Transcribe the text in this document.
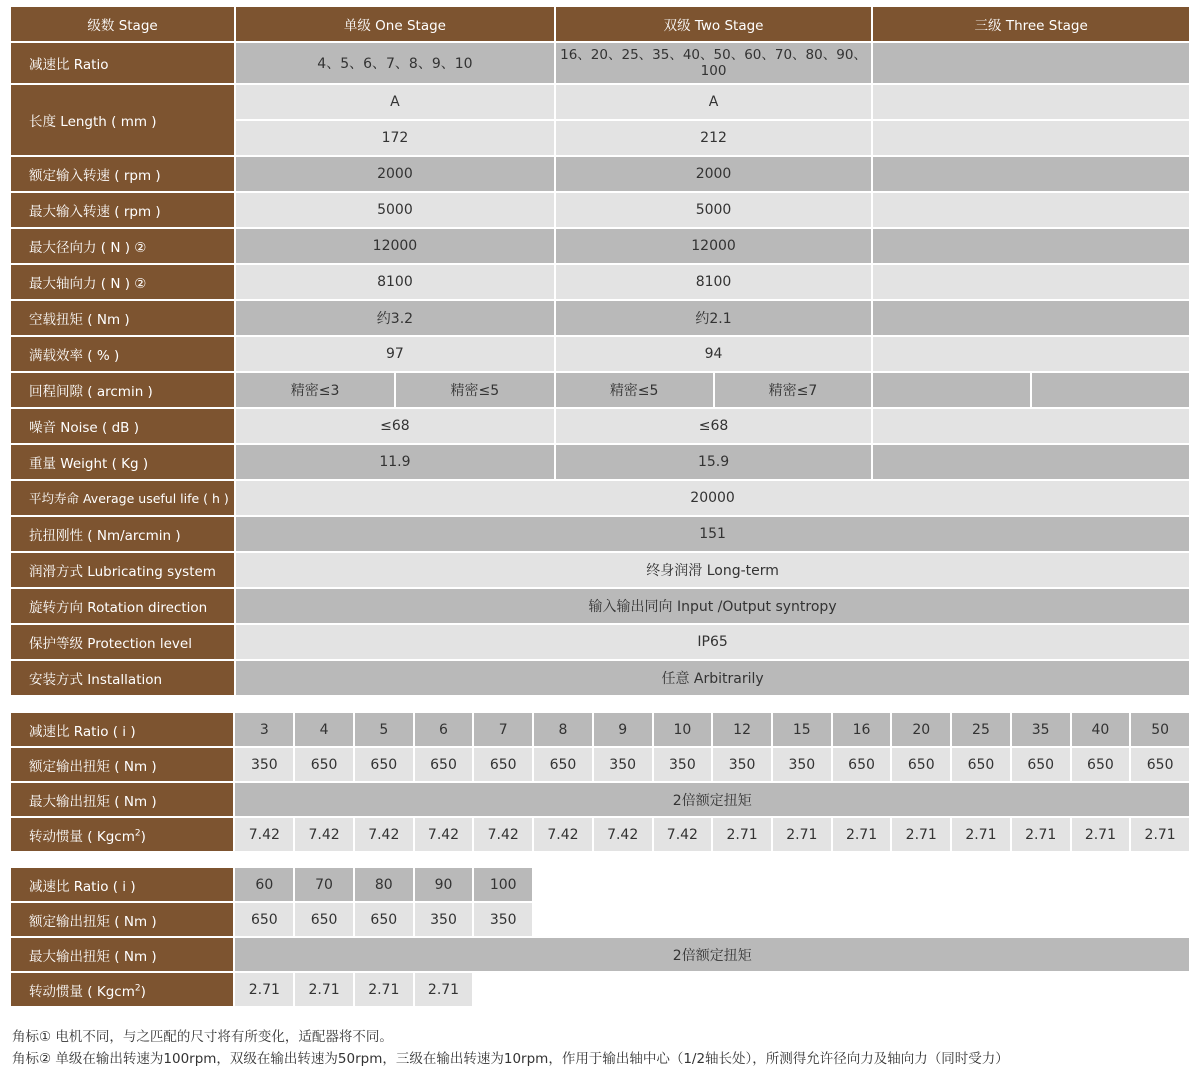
级数 Stage	单级 One Stage		双级 Two Stage		三级 Three Stage	
减速比 Ratio	4、5、6、7、8、9、10		16、20、25、35、40、50、60、70、80、90、100			
长度 Length ( mm )	A		A			
	172		212			
额定输入转速 ( rpm )	2000		2000			
最大输入转速 ( rpm )	5000		5000			
最大径向力 ( N ) ②	12000		12000			
最大轴向力 ( N ) ②	8100		8100			
空载扭矩 ( Nm )	约3.2		约2.1			
满载效率 ( % )	97		94			
回程间隙 ( arcmin )	精密≤3	精密≤5	精密≤5	精密≤7		
噪音 Noise ( dB )	≤68		≤68			
重量 Weight ( Kg )	11.9		15.9			
平均寿命 Average useful life ( h )	20000					
抗扭刚性 ( Nm/arcmin )	151					
润滑方式 Lubricating system	终身润滑 Long-term					
旋转方向 Rotation direction	输入输出同向 Input /Output syntropy					
保护等级 Protection level	IP65					
安装方式 Installation	任意 Arbitrarily					
减速比 Ratio ( i )	3	4	5	6	7	8	9	10	12	15	16	20	25	35	40	50
额定输出扭矩 ( Nm )	350	650	650	650	650	650	350	350	350	350	650	650	650	650	650	650
最大输出扭矩 ( Nm )	2倍额定扭矩															
转动惯量 ( Kgcm$^2$)	7.42	7.42	7.42	7.42	7.42	7.42	7.42	7.42	2.71	2.71	2.71	2.71	2.71	2.71	2.71	2.71
减速比 Ratio ( i )	60	70	80	90	100											
额定输出扭矩 ( Nm )	650	650	650	350	350											
最大输出扭矩 ( Nm )	2倍额定扭矩															
转动惯量 ( Kgcm$^2$)	2.71	2.71	2.71	2.71												
角标① 电机不同，与之匹配的尺寸将有所变化，适配器将不同。
角标② 单级在输出转速为100rpm，双级在输出转速为50rpm，三级在输出转速为10rpm，作用于输出轴中心（1/2轴长处），所测得允许径向力及轴向力（同时受力）
